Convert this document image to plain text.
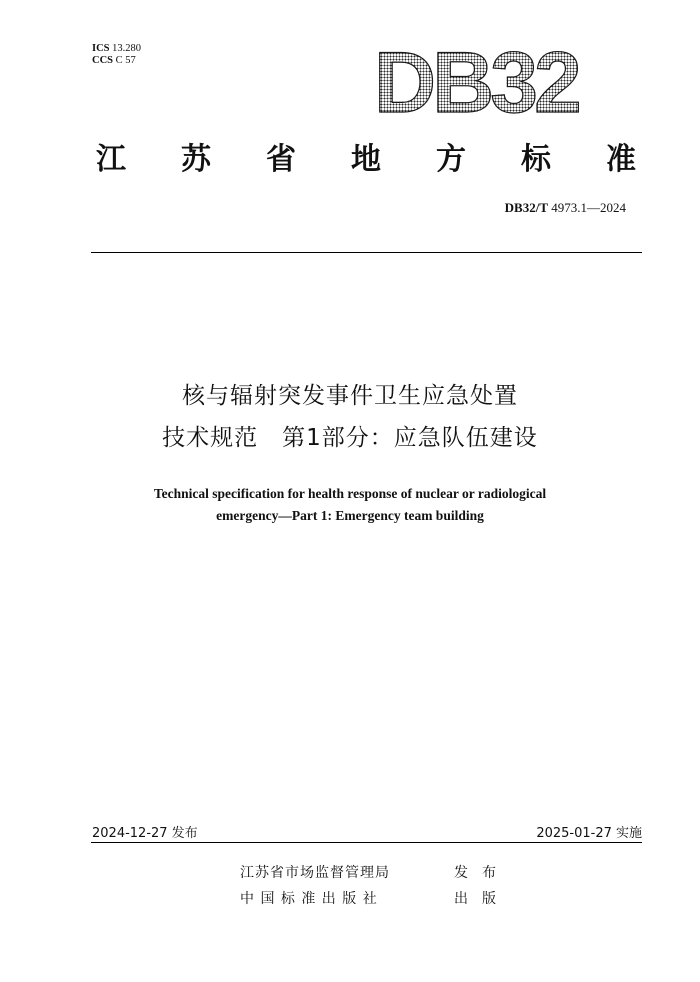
ICS 13.280
CCS C 57	DB32
江 苏 省 地 方 标 准
DB32/T 4973.1—2024
核与辐射突发事件卫生应急处置
技术规范　第1部分：应急队伍建设
Technical specification for health response of nuclear or radiological
emergency—Part 1: Emergency team building
2024-12-27 发布	2025-01-27 实施
江苏省市场监督管理局	发布
中 国 标 准 出 版 社	出版
